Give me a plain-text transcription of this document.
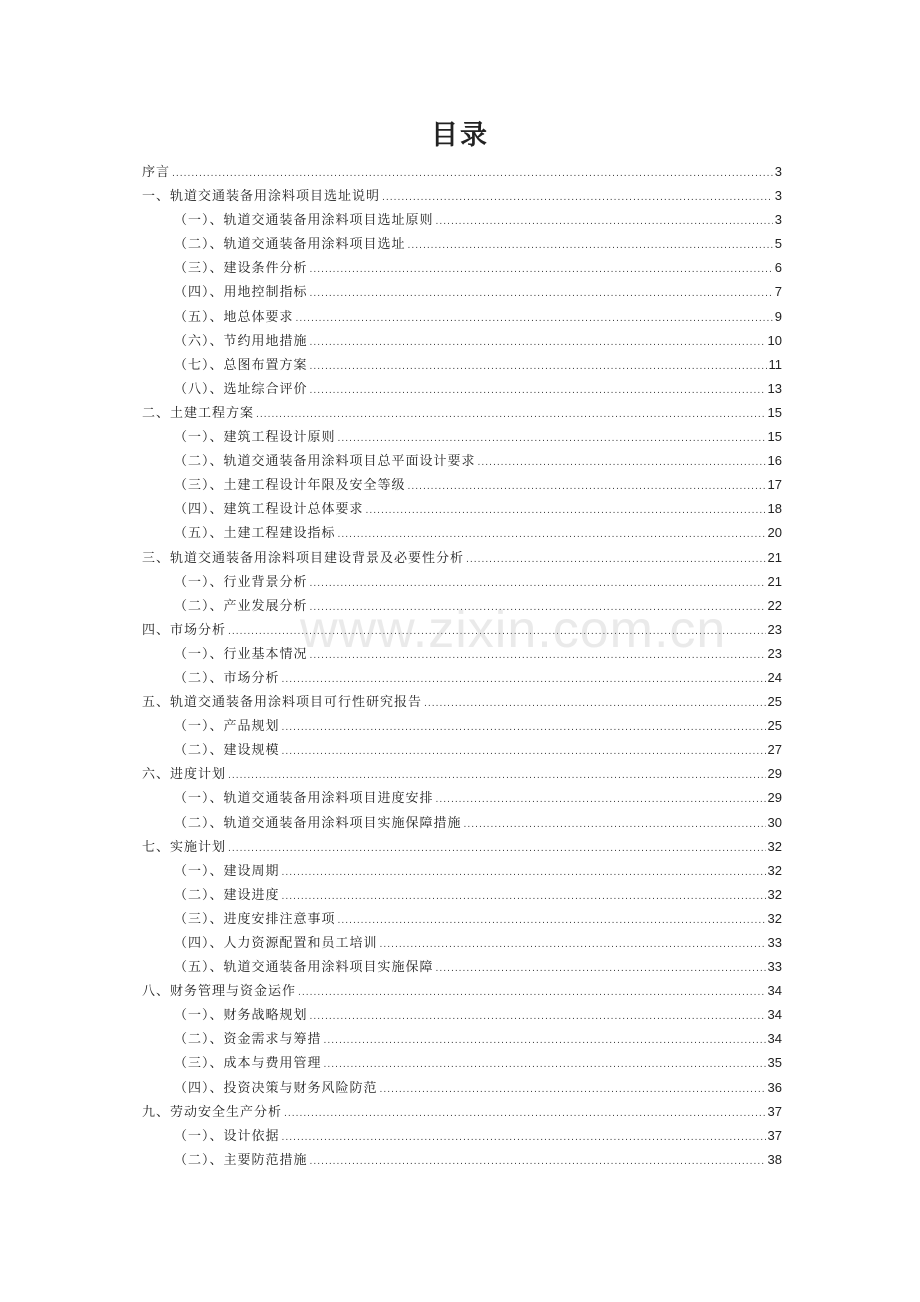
目录
序言 .....	3
一、轨道交通装备用涂料项目选址说明 .....	3
（一）、轨道交通装备用涂料项目选址原则 .....	3
（二）、轨道交通装备用涂料项目选址 .....	5
（三）、建设条件分析 .....	6
（四）、用地控制指标 .....	7
（五）、地总体要求 .....	9
（六）、节约用地措施 .....	10
（七）、总图布置方案 .....	11
（八）、选址综合评价 .....	13
二、土建工程方案 .....	15
（一）、建筑工程设计原则 .....	15
（二）、轨道交通装备用涂料项目总平面设计要求 .....	16
（三）、土建工程设计年限及安全等级 .....	17
（四）、建筑工程设计总体要求 .....	18
（五）、土建工程建设指标 .....	20
三、轨道交通装备用涂料项目建设背景及必要性分析 .....	21
（一）、行业背景分析 .....	21
（二）、产业发展分析 .....	22
四、市场分析 .....	23
（一）、行业基本情况 .....	23
（二）、市场分析 .....	24
五、轨道交通装备用涂料项目可行性研究报告 .....	25
（一）、产品规划 .....	25
（二）、建设规模 .....	27
六、进度计划 .....	29
（一）、轨道交通装备用涂料项目进度安排 .....	29
（二）、轨道交通装备用涂料项目实施保障措施 .....	30
七、实施计划 .....	32
（一）、建设周期 .....	32
（二）、建设进度 .....	32
（三）、进度安排注意事项 .....	32
（四）、人力资源配置和员工培训 .....	33
（五）、轨道交通装备用涂料项目实施保障 .....	33
八、财务管理与资金运作 .....	34
（一）、财务战略规划 .....	34
（二）、资金需求与筹措 .....	34
（三）、成本与费用管理 .....	35
（四）、投资决策与财务风险防范 .....	36
九、劳动安全生产分析 .....	37
（一）、设计依据 .....	37
（二）、主要防范措施 .....	38
www.zixin.com.cn
